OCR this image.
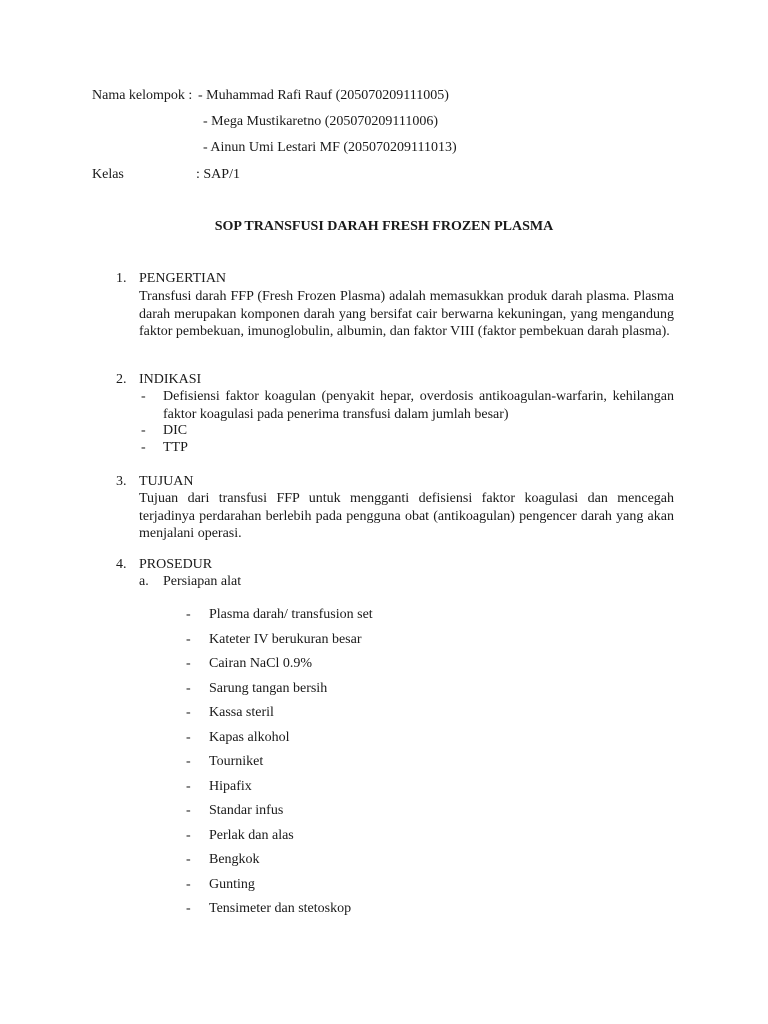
Nama kelompok : - Muhammad Rafi Rauf (205070209111005)
- Mega Mustikaretno (205070209111006)
- Ainun Umi Lestari MF (205070209111013)
Kelas	: SAP/1
SOP TRANSFUSI DARAH FRESH FROZEN PLASMA
1. PENGERTIAN
Transfusi darah FFP (Fresh Frozen Plasma) adalah memasukkan produk darah plasma. Plasma darah merupakan komponen darah yang bersifat cair berwarna kekuningan, yang mengandung faktor pembekuan, imunoglobulin, albumin, dan faktor VIII (faktor pembekuan darah plasma).
2. INDIKASI
- Defisiensi faktor koagulan (penyakit hepar, overdosis antikoagulan-warfarin, kehilangan faktor koagulasi pada penerima transfusi dalam jumlah besar)
- DIC
- TTP
3. TUJUAN
Tujuan dari transfusi FFP untuk mengganti defisiensi faktor koagulasi dan mencegah terjadinya perdarahan berlebih pada pengguna obat (antikoagulan) pengencer darah yang akan menjalani operasi.
4. PROSEDUR
a. Persiapan alat
- Plasma darah/ transfusion set
- Kateter IV berukuran besar
- Cairan NaCl 0.9%
- Sarung tangan bersih
- Kassa steril
- Kapas alkohol
- Tourniket
- Hipafix
- Standar infus
- Perlak dan alas
- Bengkok
- Gunting
- Tensimeter dan stetoskop
